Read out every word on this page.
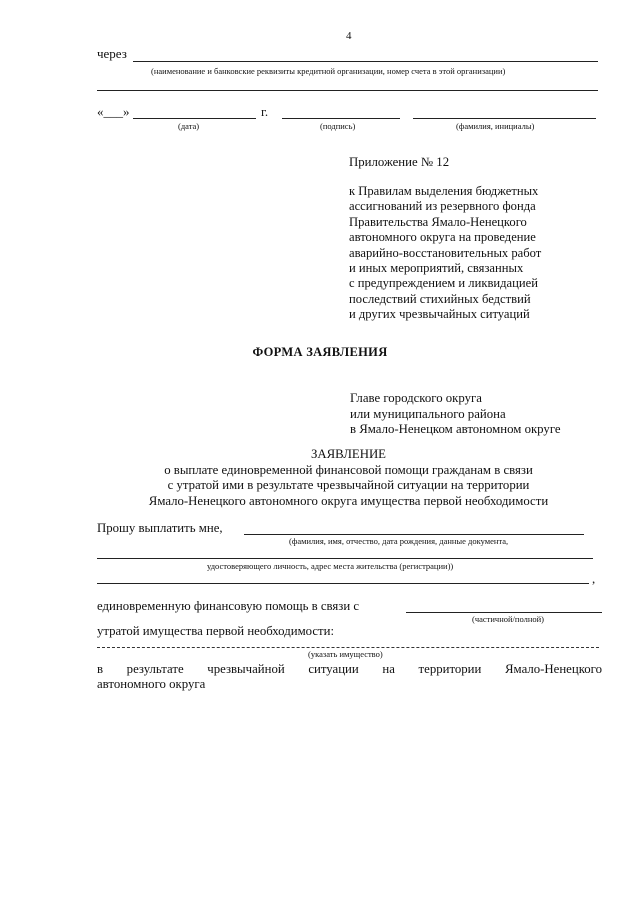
4
через
(наименование и банковские реквизиты кредитной организации, номер счета в этой организации)
«___»	г.
(дата)	(подпись)	(фамилия, инициалы)
Приложение № 12
к Правилам выделения бюджетных
ассигнований из резервного фонда
Правительства Ямало-Ненецкого
автономного округа на проведение
аварийно-восстановительных работ
и иных мероприятий, связанных
с предупреждением и ликвидацией
последствий стихийных бедствий
и других чрезвычайных ситуаций
ФОРМА ЗАЯВЛЕНИЯ
Главе городского округа
или муниципального района
в Ямало-Ненецком автономном округе
ЗАЯВЛЕНИЕ
о выплате единовременной финансовой помощи гражданам в связи
с утратой ими в результате чрезвычайной ситуации на территории
Ямало-Ненецкого автономного округа имущества первой необходимости
Прошу выплатить мне,
(фамилия, имя, отчество, дата рождения, данные документа,
удостоверяющего личность, адрес места жительства (регистрации))
,
единовременную финансовую помощь в связи с
(частичной/полной)
утратой имущества первой необходимости:
(указать имущество)
в результате чрезвычайной ситуации на территории Ямало-Ненецкого
автономного округа
